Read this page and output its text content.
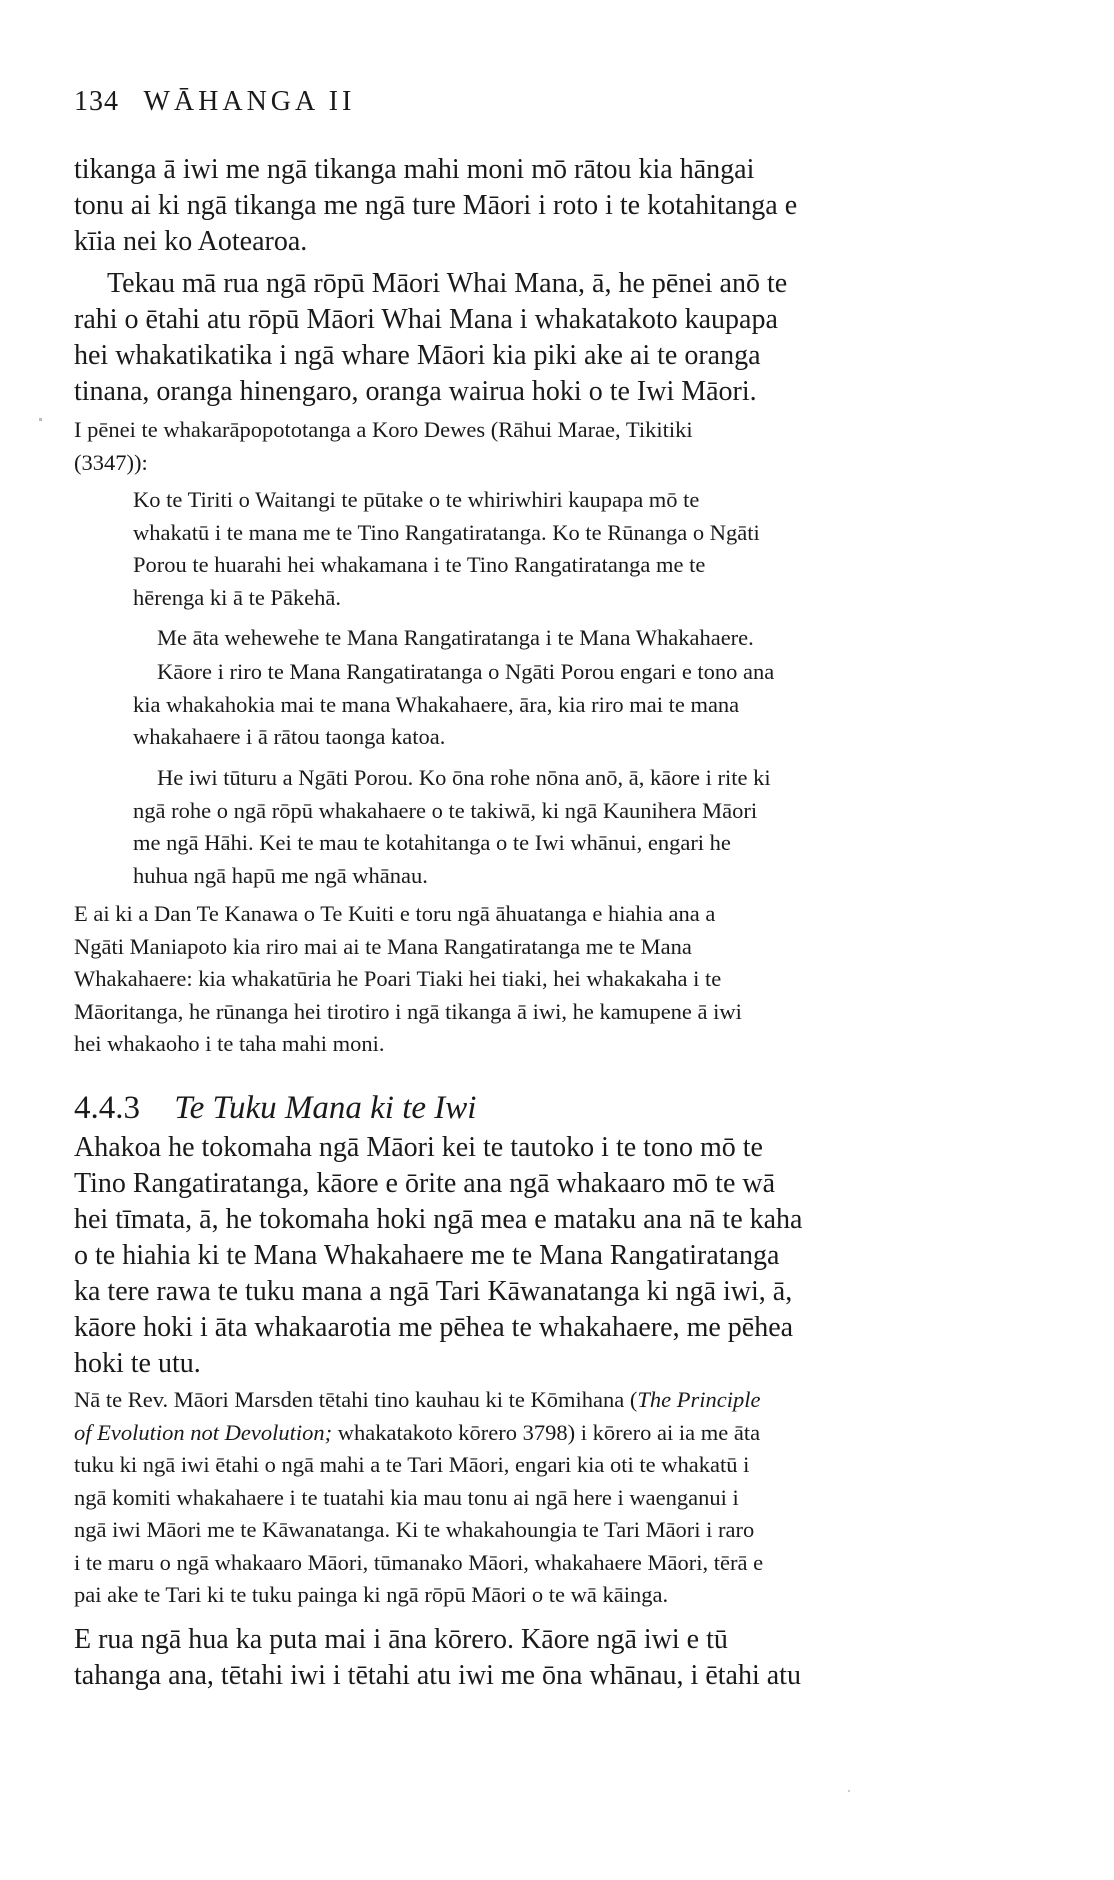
134 WĀHANGA II
tikanga ā iwi me ngā tikanga mahi moni mō rātou kia hāngai
tonu ai ki ngā tikanga me ngā ture Māori i roto i te kotahitanga e
kīia nei ko Aotearoa.
Tekau mā rua ngā rōpū Māori Whai Mana, ā, he pēnei anō te
rahi o ētahi atu rōpū Māori Whai Mana i whakatakoto kaupapa
hei whakatikatika i ngā whare Māori kia piki ake ai te oranga
tinana, oranga hinengaro, oranga wairua hoki o te Iwi Māori.
I pēnei te whakarāpopototanga a Koro Dewes (Rāhui Marae, Tikitiki
(3347)):
Ko te Tiriti o Waitangi te pūtake o te whiriwhiri kaupapa mō te
whakatū i te mana me te Tino Rangatiratanga. Ko te Rūnanga o Ngāti
Porou te huarahi hei whakamana i te Tino Rangatiratanga me te
hērenga ki ā te Pākehā.
Me āta wehewehe te Mana Rangatiratanga i te Mana Whakahaere.
Kāore i riro te Mana Rangatiratanga o Ngāti Porou engari e tono ana
kia whakahokia mai te mana Whakahaere, āra, kia riro mai te mana
whakahaere i ā rātou taonga katoa.
He iwi tūturu a Ngāti Porou. Ko ōna rohe nōna anō, ā, kāore i rite ki
ngā rohe o ngā rōpū whakahaere o te takiwā, ki ngā Kaunihera Māori
me ngā Hāhi. Kei te mau te kotahitanga o te Iwi whānui, engari he
huhua ngā hapū me ngā whānau.
E ai ki a Dan Te Kanawa o Te Kuiti e toru ngā āhuatanga e hiahia ana a
Ngāti Maniapoto kia riro mai ai te Mana Rangatiratanga me te Mana
Whakahaere: kia whakatūria he Poari Tiaki hei tiaki, hei whakakaha i te
Māoritanga, he rūnanga hei tirotiro i ngā tikanga ā iwi, he kamupene ā iwi
hei whakaoho i te taha mahi moni.
4.4.3 Te Tuku Mana ki te Iwi
Ahakoa he tokomaha ngā Māori kei te tautoko i te tono mō te
Tino Rangatiratanga, kāore e ōrite ana ngā whakaaro mō te wā
hei tīmata, ā, he tokomaha hoki ngā mea e mataku ana nā te kaha
o te hiahia ki te Mana Whakahaere me te Mana Rangatiratanga
ka tere rawa te tuku mana a ngā Tari Kāwanatanga ki ngā iwi, ā,
kāore hoki i āta whakaarotia me pēhea te whakahaere, me pēhea
hoki te utu.
Nā te Rev. Māori Marsden tētahi tino kauhau ki te Kōmihana (The Principle
of Evolution not Devolution; whakatakoto kōrero 3798) i kōrero ai ia me āta
tuku ki ngā iwi ētahi o ngā mahi a te Tari Māori, engari kia oti te whakatū i
ngā komiti whakahaere i te tuatahi kia mau tonu ai ngā here i waenganui i
ngā iwi Māori me te Kāwanatanga. Ki te whakahoungia te Tari Māori i raro
i te maru o ngā whakaaro Māori, tūmanako Māori, whakahaere Māori, tērā e
pai ake te Tari ki te tuku painga ki ngā rōpū Māori o te wā kāinga.
E rua ngā hua ka puta mai i āna kōrero. Kāore ngā iwi e tū
tahanga ana, tētahi iwi i tētahi atu iwi me ōna whānau, i ētahi atu
